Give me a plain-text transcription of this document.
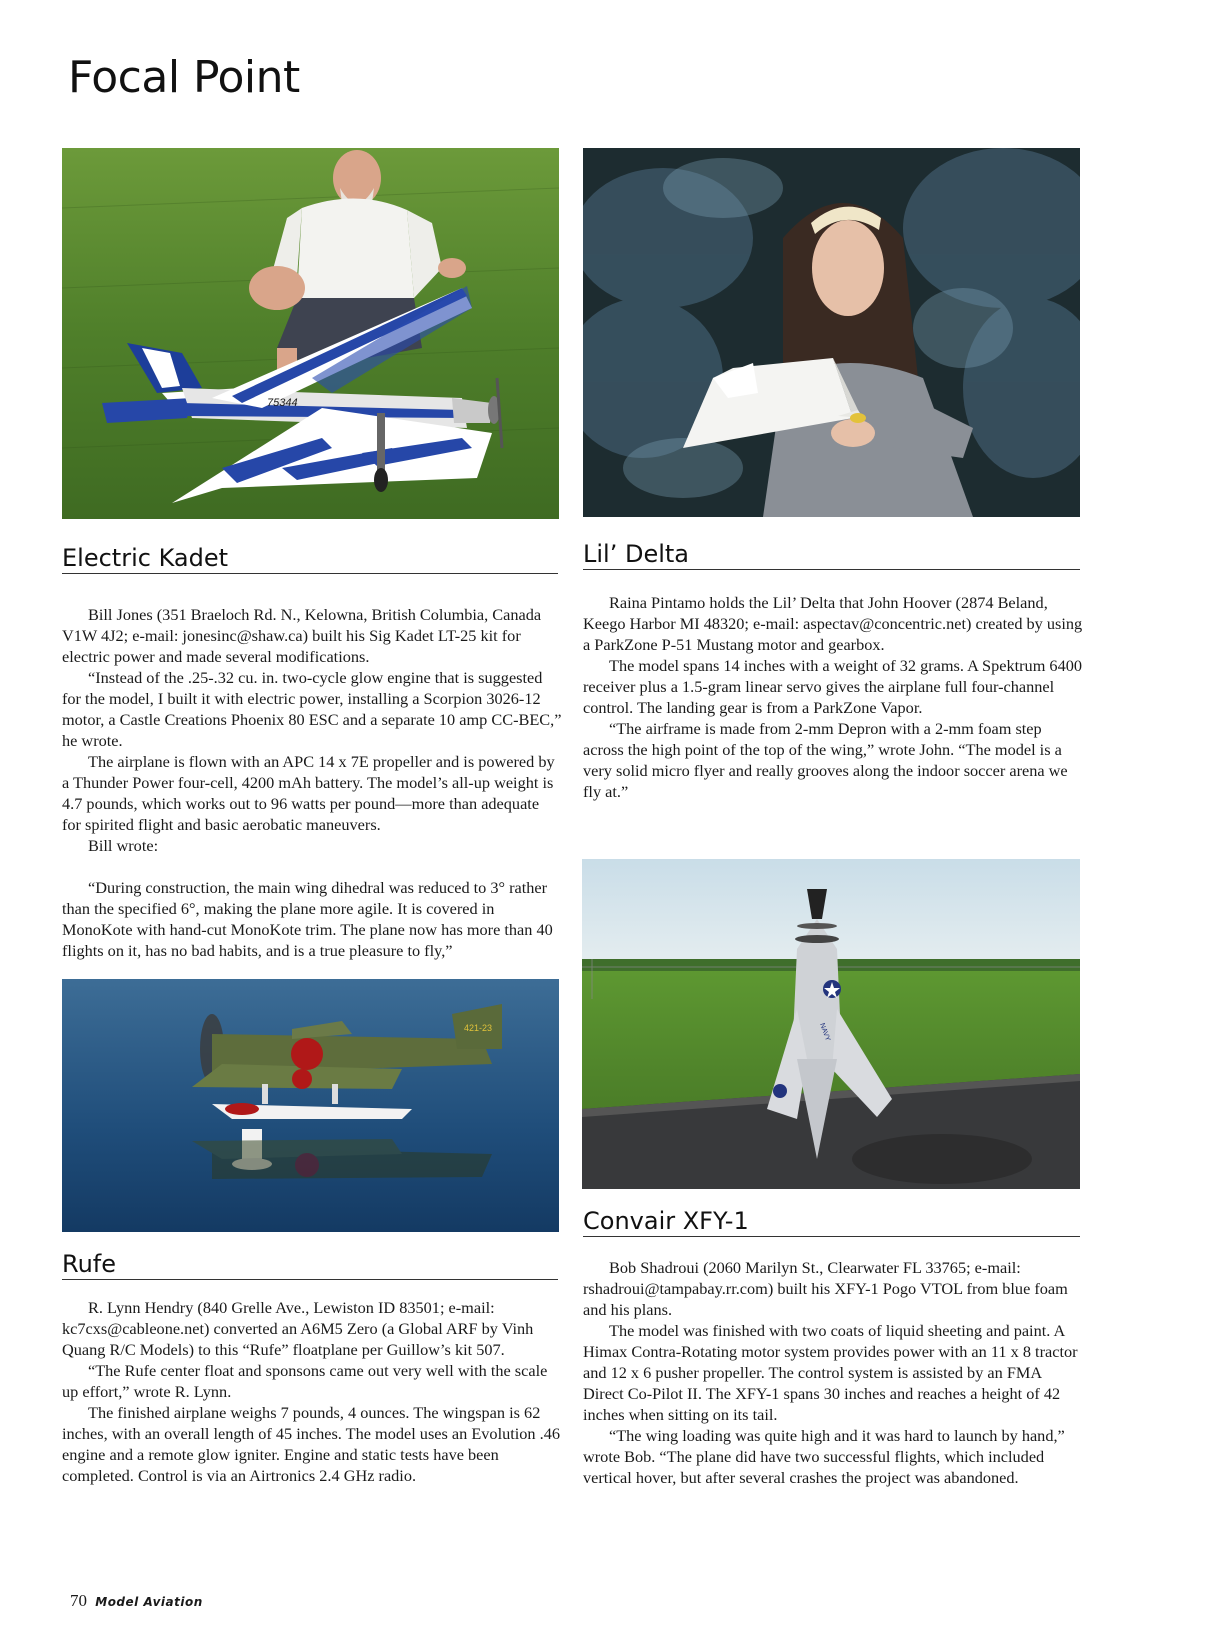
Focal Point
75344
Electric Kadet	Lil’ Delta

Bill Jones (351 Braeloch Rd. N., Kelowna, British Columbia, Canada V1W 4J2; e-mail: jonesinc@shaw.ca) built his Sig Kadet LT-25 kit for electric power and made several modifications.

“Instead of the .25-.32 cu. in. two-cycle glow engine that is suggested for the model, I built it with electric power, installing a Scorpion 3026-12 motor, a Castle Creations Phoenix 80 ESC and a separate 10 amp CC-BEC,” he wrote.

The airplane is flown with an APC 14 x 7E propeller and is powered by a Thunder Power four-cell, 4200 mAh battery. The model’s all-up weight is 4.7 pounds, which works out to 96 watts per pound—more than adequate for spirited flight and basic aerobatic maneuvers.

Bill wrote:

“During construction, the main wing dihedral was reduced to 3° rather than the specified 6°, making the plane more agile. It is covered in MonoKote with hand-cut MonoKote trim. The plane now has more than 40 flights on it, has no bad habits, and is a true pleasure to fly,”

Raina Pintamo holds the Lil’ Delta that John Hoover (2874 Beland, Keego Harbor MI 48320; e-mail: aspectav@concentric.net) created by using a ParkZone P-51 Mustang motor and gearbox.

The model spans 14 inches with a weight of 32 grams. A Spektrum 6400 receiver plus a 1.5-gram linear servo gives the airplane full four-channel control. The landing gear is from a ParkZone Vapor.

“The airframe is made from 2-mm Depron with a 2-mm foam step across the high point of the top of the wing,” wrote John. “The model is a very solid micro flyer and really grooves along the indoor soccer arena we fly at.”

NAVY
421-23
Rufe
Convair XFY-1

R. Lynn Hendry (840 Grelle Ave., Lewiston ID 83501; e-mail: kc7cxs@cableone.net) converted an A6M5 Zero (a Global ARF by Vinh Quang R/C Models) to this “Rufe” floatplane per Guillow’s kit 507.

“The Rufe center float and sponsons came out very well with the scale up effort,” wrote R. Lynn.

The finished airplane weighs 7 pounds, 4 ounces. The wingspan is 62 inches, with an overall length of 45 inches. The model uses an Evolution .46 engine and a remote glow igniter. Engine and static tests have been completed. Control is via an Airtronics 2.4 GHz radio.

Bob Shadroui (2060 Marilyn St., Clearwater FL 33765; e-mail: rshadroui@tampabay.rr.com) built his XFY-1 Pogo VTOL from blue foam and his plans.

The model was finished with two coats of liquid sheeting and paint. A Himax Contra-Rotating motor system provides power with an 11 x 8 tractor and 12 x 6 pusher propeller. The control system is assisted by an FMA Direct Co-Pilot II. The XFY-1 spans 30 inches and reaches a height of 42 inches when sitting on its tail.

“The wing loading was quite high and it was hard to launch by hand,” wrote Bob. “The plane did have two successful flights, which included vertical hover, but after several crashes the project was abandoned.

70 Model Aviation
